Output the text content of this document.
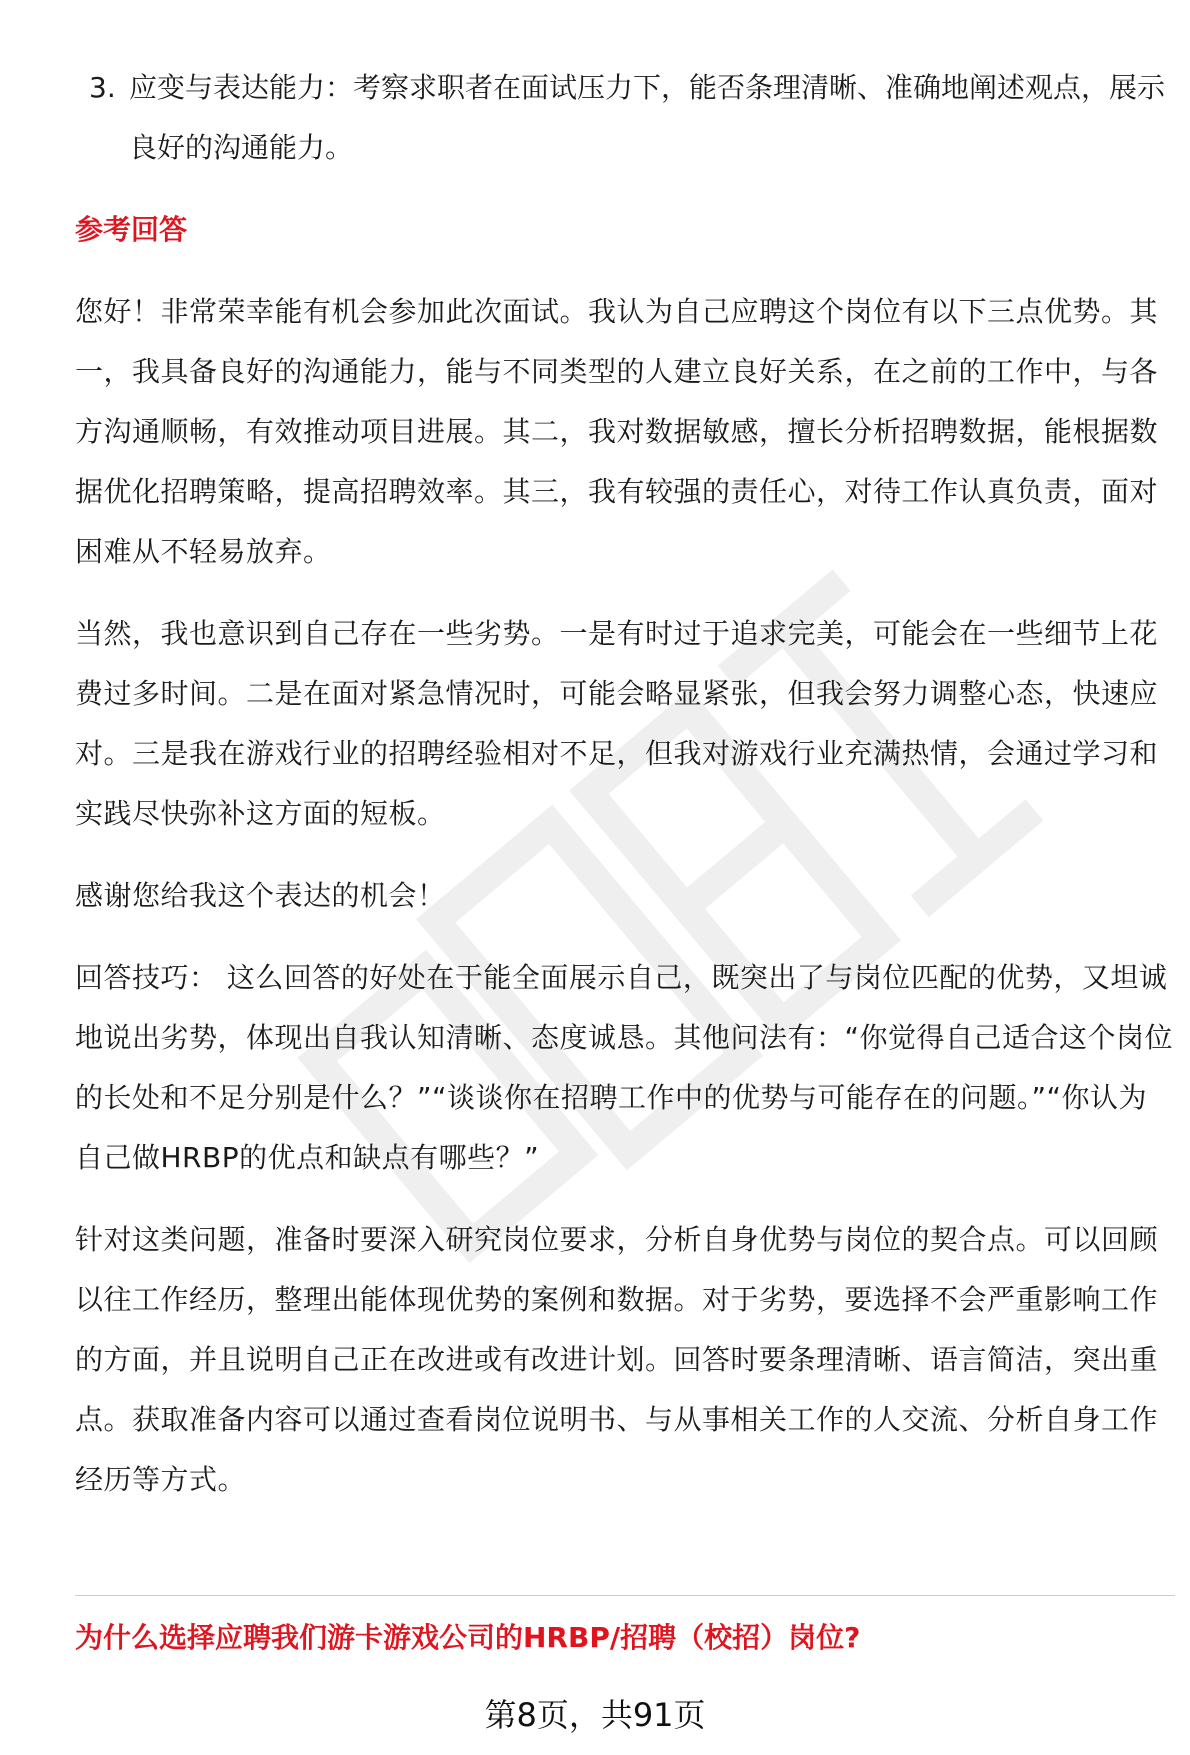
3. 应变与表达能力：考察求职者在面试压力下，能否条理清晰、准确地阐述观点，展示良好的沟通能力。

参考回答

您好！非常荣幸能有机会参加此次面试。我认为自己应聘这个岗位有以下三点优势。其一，我具备良好的沟通能力，能与不同类型的人建立良好关系，在之前的工作中，与各方沟通顺畅，有效推动项目进展。其二，我对数据敏感，擅长分析招聘数据，能根据数据优化招聘策略，提高招聘效率。其三，我有较强的责任心，对待工作认真负责，面对困难从不轻易放弃。

当然，我也意识到自己存在一些劣势。一是有时过于追求完美，可能会在一些细节上花费过多时间。二是在面对紧急情况时，可能会略显紧张，但我会努力调整心态，快速应对。三是我在游戏行业的招聘经验相对不足，但我对游戏行业充满热情，会通过学习和实践尽快弥补这方面的短板。

感谢您给我这个表达的机会！

回答技巧： 这么回答的好处在于能全面展示自己，既突出了与岗位匹配的优势，又坦诚地说出劣势，体现出自我认知清晰、态度诚恳。其他问法有：“你觉得自己适合这个岗位的长处和不足分别是什么？”“谈谈你在招聘工作中的优势与可能存在的问题。”“你认为自己做HRBP的优点和缺点有哪些？”

针对这类问题，准备时要深入研究岗位要求，分析自身优势与岗位的契合点。可以回顾以往工作经历，整理出能体现优势的案例和数据。对于劣势，要选择不会严重影响工作的方面，并且说明自己正在改进或有改进计划。回答时要条理清晰、语言简洁，突出重点。获取准备内容可以通过查看岗位说明书、与从事相关工作的人交流、分析自身工作经历等方式。

为什么选择应聘我们游卡游戏公司的HRBP/招聘（校招）岗位?
第8页，共91页
